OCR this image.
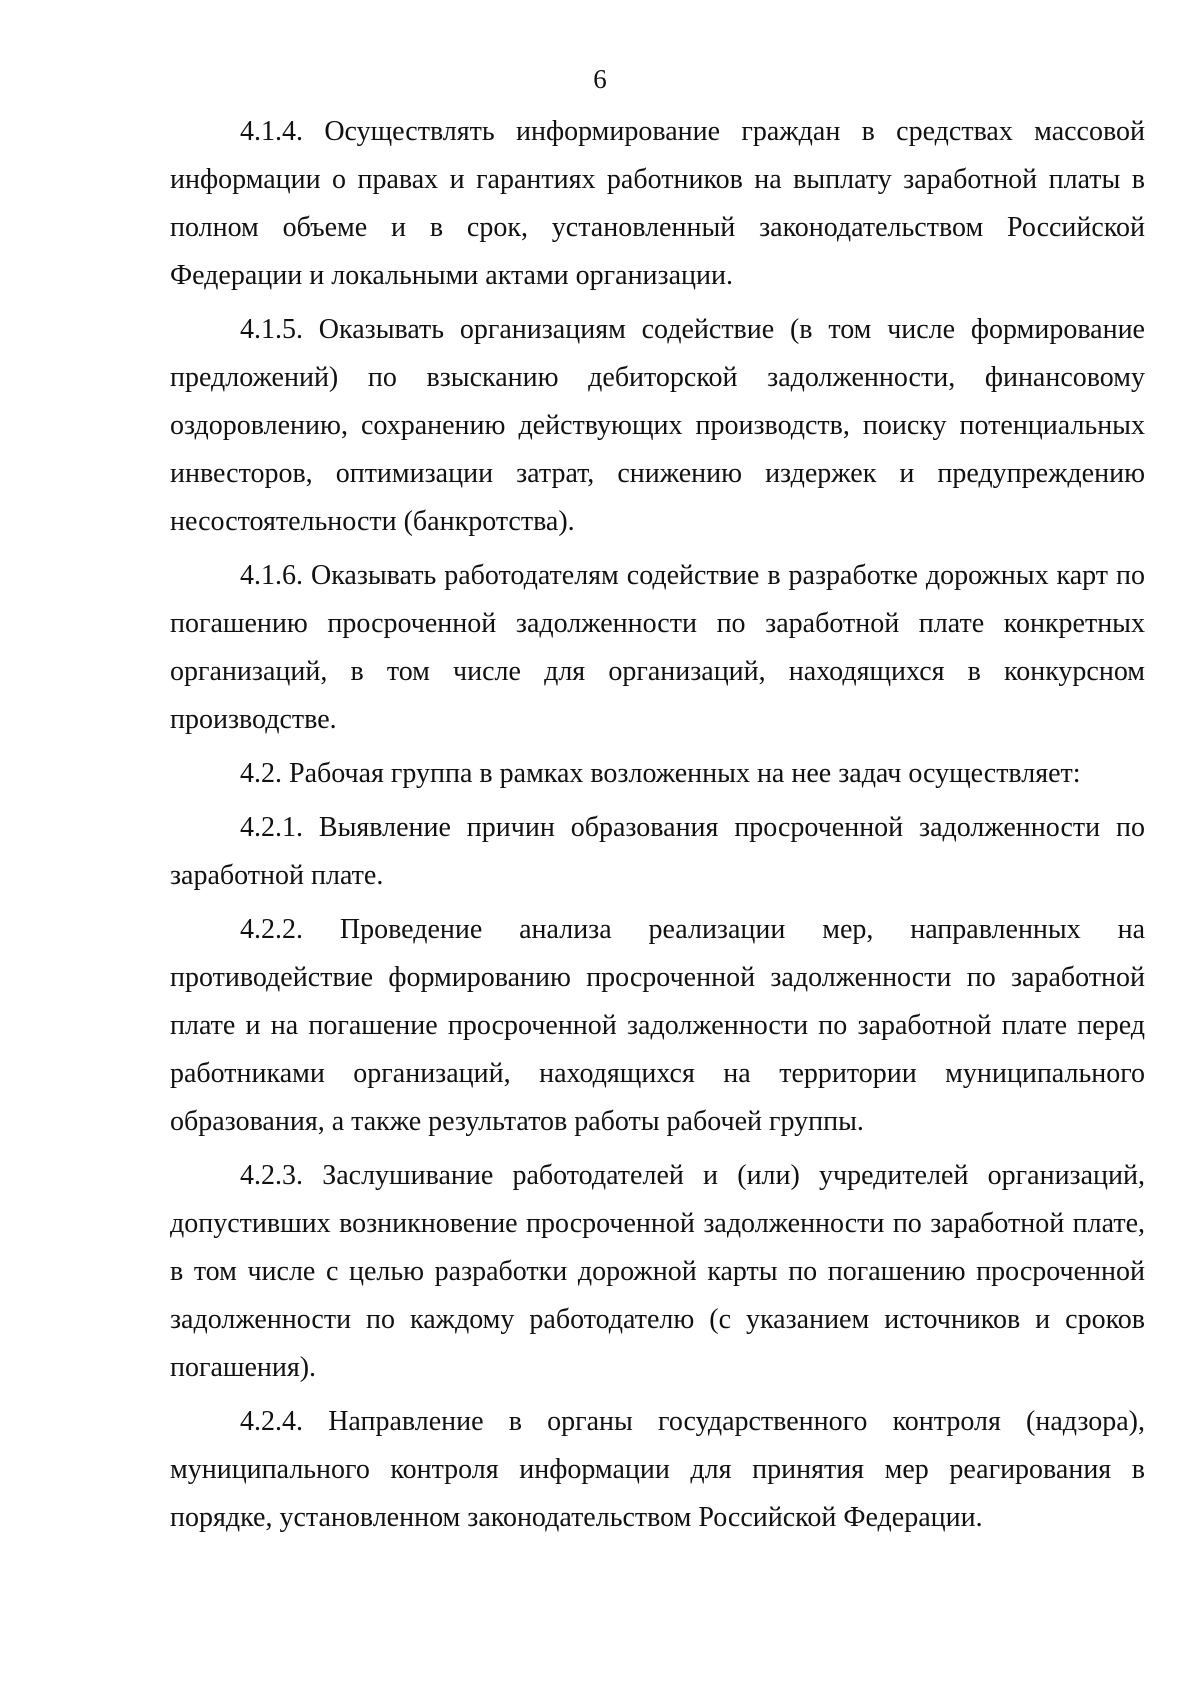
6

4.1.4. Осуществлять информирование граждан в средствах массовой информации о правах и гарантиях работников на выплату заработной платы в полном объеме и в срок, установленный законодательством Российской Федерации и локальными актами организации.

4.1.5. Оказывать организациям содействие (в том числе формирование предложений) по взысканию дебиторской задолженности, финансовому оздоровлению, сохранению действующих производств, поиску потенциальных инвесторов, оптимизации затрат, снижению издержек и предупреждению несостоятельности (банкротства).

4.1.6. Оказывать работодателям содействие в разработке дорожных карт по погашению просроченной задолженности по заработной плате конкретных организаций, в том числе для организаций, находящихся в конкурсном производстве.

4.2. Рабочая группа в рамках возложенных на нее задач осуществляет:

4.2.1. Выявление причин образования просроченной задолженности по заработной плате.

4.2.2. Проведение анализа реализации мер, направленных на противодействие формированию просроченной задолженности по заработной плате и на погашение просроченной задолженности по заработной плате перед работниками организаций, находящихся на территории муниципального образования, а также результатов работы рабочей группы.

4.2.3. Заслушивание работодателей и (или) учредителей организаций, допустивших возникновение просроченной задолженности по заработной плате, в том числе с целью разработки дорожной карты по погашению просроченной задолженности по каждому работодателю (с указанием источников и сроков погашения).

4.2.4. Направление в органы государственного контроля (надзора), муниципального контроля информации для принятия мер реагирования в порядке, установленном законодательством Российской Федерации.
